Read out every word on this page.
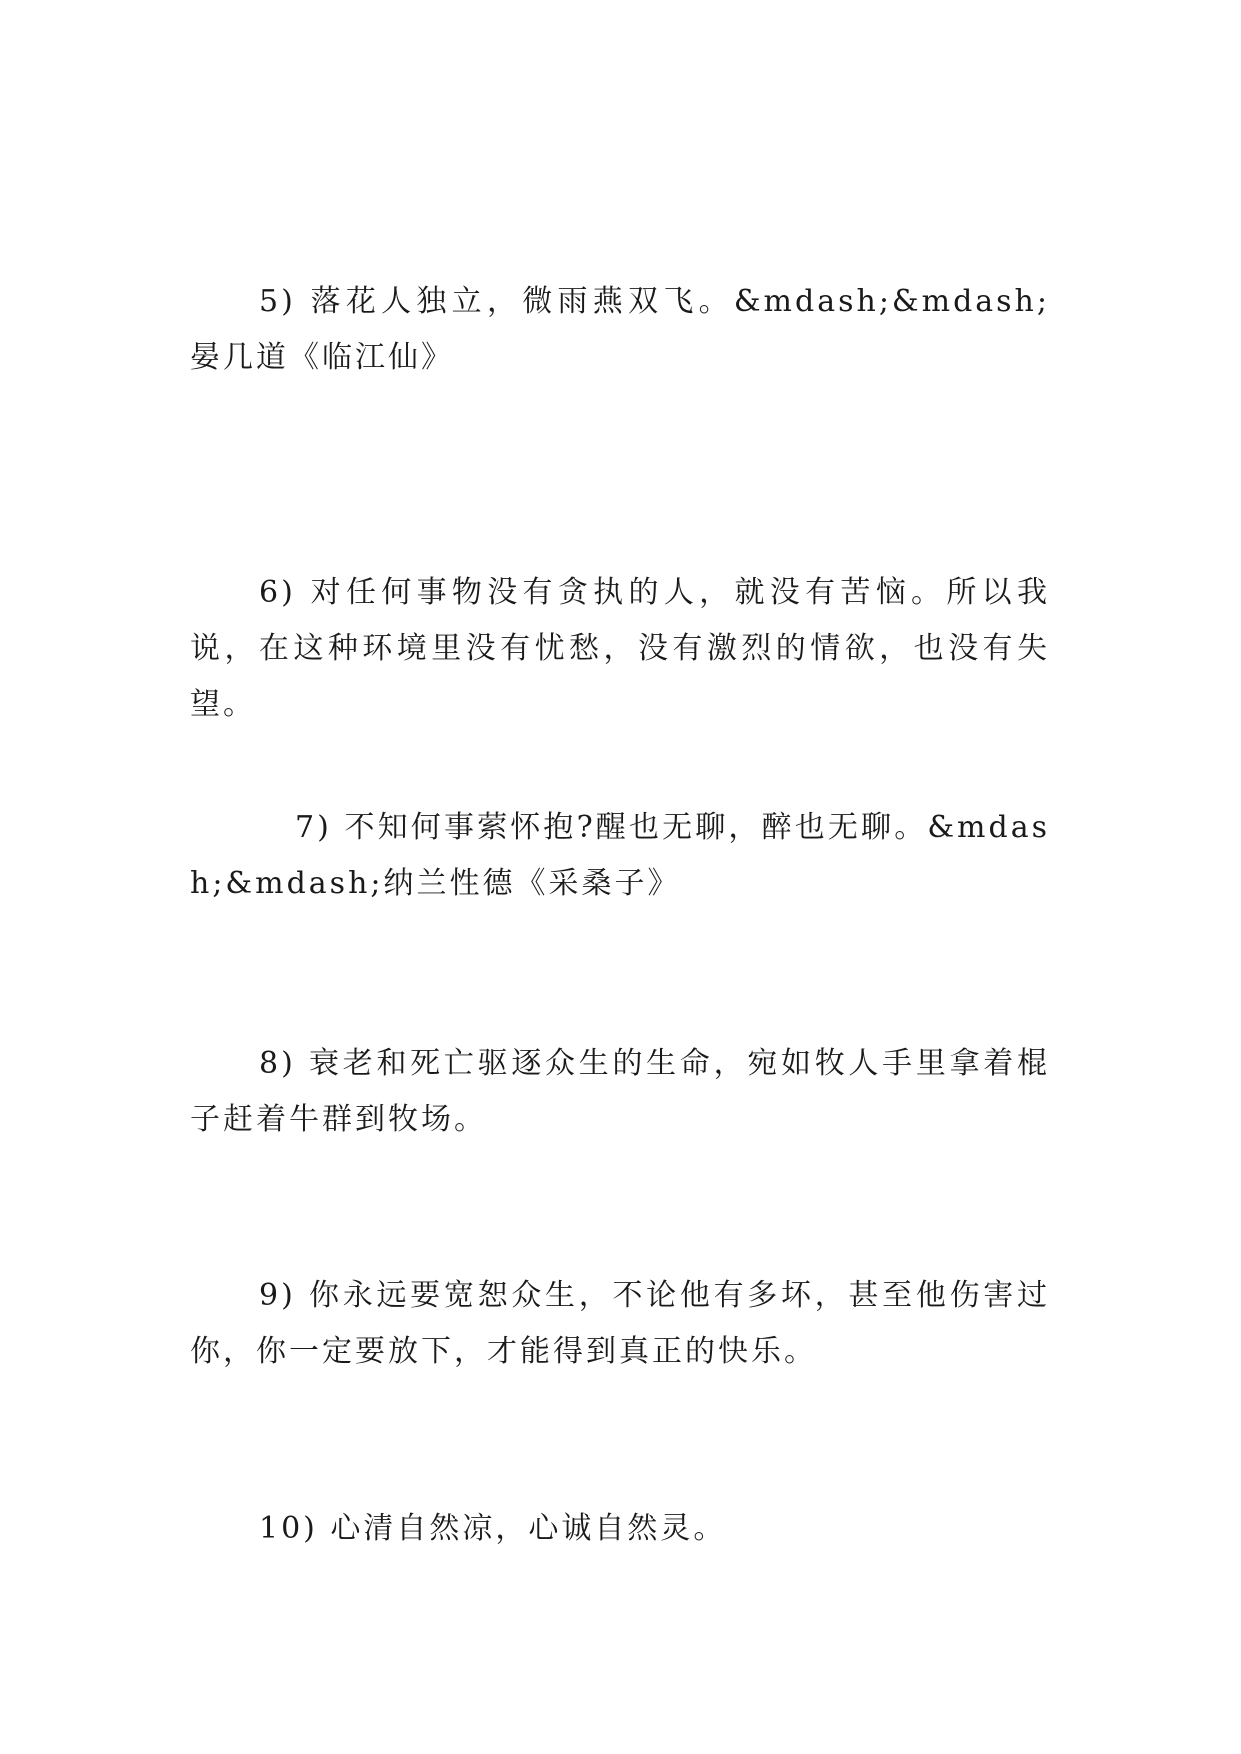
5) 落花人独立，微雨燕双飞。&mdash;&mdash;晏几道《临江仙》

6) 对任何事物没有贪执的人，就没有苦恼。所以我说，在这种环境里没有忧愁，没有激烈的情欲，也没有失望。

7) 不知何事萦怀抱?醒也无聊，醉也无聊。&mdash;&mdash;纳兰性德《采桑子》

8) 衰老和死亡驱逐众生的生命，宛如牧人手里拿着棍子赶着牛群到牧场。

9) 你永远要宽恕众生，不论他有多坏，甚至他伤害过你，你一定要放下，才能得到真正的快乐。

10) 心清自然凉，心诚自然灵。
